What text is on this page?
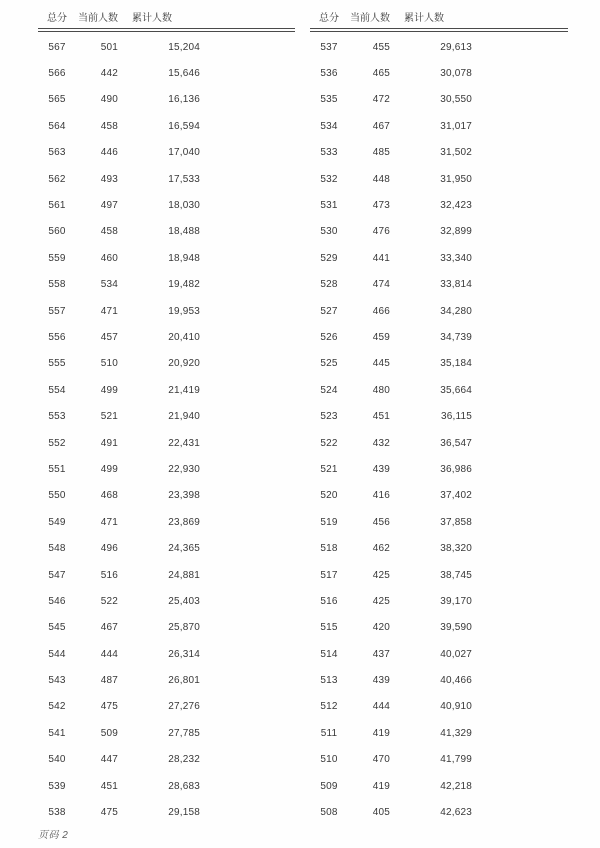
总分	当前人数	累计人数
567	501	15,204
566	442	15,646
565	490	16,136
564	458	16,594
563	446	17,040
562	493	17,533
561	497	18,030
560	458	18,488
559	460	18,948
558	534	19,482
557	471	19,953
556	457	20,410
555	510	20,920
554	499	21,419
553	521	21,940
552	491	22,431
551	499	22,930
550	468	23,398
549	471	23,869
548	496	24,365
547	516	24,881
546	522	25,403
545	467	25,870
544	444	26,314
543	487	26,801
542	475	27,276
541	509	27,785
540	447	28,232
539	451	28,683
538	475	29,158
总分	当前人数	累计人数
537	455	29,613
536	465	30,078
535	472	30,550
534	467	31,017
533	485	31,502
532	448	31,950
531	473	32,423
530	476	32,899
529	441	33,340
528	474	33,814
527	466	34,280
526	459	34,739
525	445	35,184
524	480	35,664
523	451	36,115
522	432	36,547
521	439	36,986
520	416	37,402
519	456	37,858
518	462	38,320
517	425	38,745
516	425	39,170
515	420	39,590
514	437	40,027
513	439	40,466
512	444	40,910
511	419	41,329
510	470	41,799
509	419	42,218
508	405	42,623
页码 2
